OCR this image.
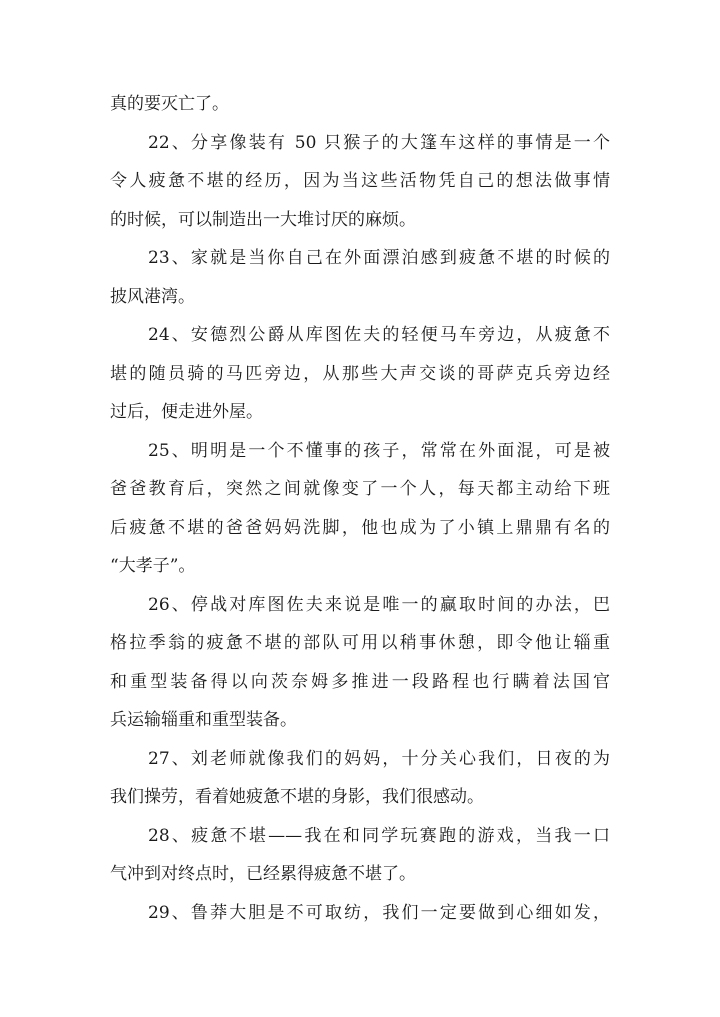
真的要灭亡了。
22、分享像装有 50 只猴子的大篷车这样的事情是一个
令人疲惫不堪的经历，因为当这些活物凭自己的想法做事情
的时候，可以制造出一大堆讨厌的麻烦。
23、家就是当你自己在外面漂泊感到疲惫不堪的时候的
披风港湾。
24、安德烈公爵从库图佐夫的轻便马车旁边，从疲惫不
堪的随员骑的马匹旁边，从那些大声交谈的哥萨克兵旁边经
过后，便走进外屋。
25、明明是一个不懂事的孩子，常常在外面混，可是被
爸爸教育后，突然之间就像变了一个人，每天都主动给下班
后疲惫不堪的爸爸妈妈洗脚，他也成为了小镇上鼎鼎有名的
“大孝子”。
26、停战对库图佐夫来说是唯一的赢取时间的办法，巴
格拉季翁的疲惫不堪的部队可用以稍事休憩，即令他让辎重
和重型装备得以向茨奈姆多推进一段路程也行瞒着法国官
兵运输辎重和重型装备。
27、刘老师就像我们的妈妈，十分关心我们，日夜的为
我们操劳，看着她疲惫不堪的身影，我们很感动。
28、疲惫不堪——我在和同学玩赛跑的游戏，当我一口
气冲到对终点时，已经累得疲惫不堪了。
29、鲁莽大胆是不可取纺，我们一定要做到心细如发，
